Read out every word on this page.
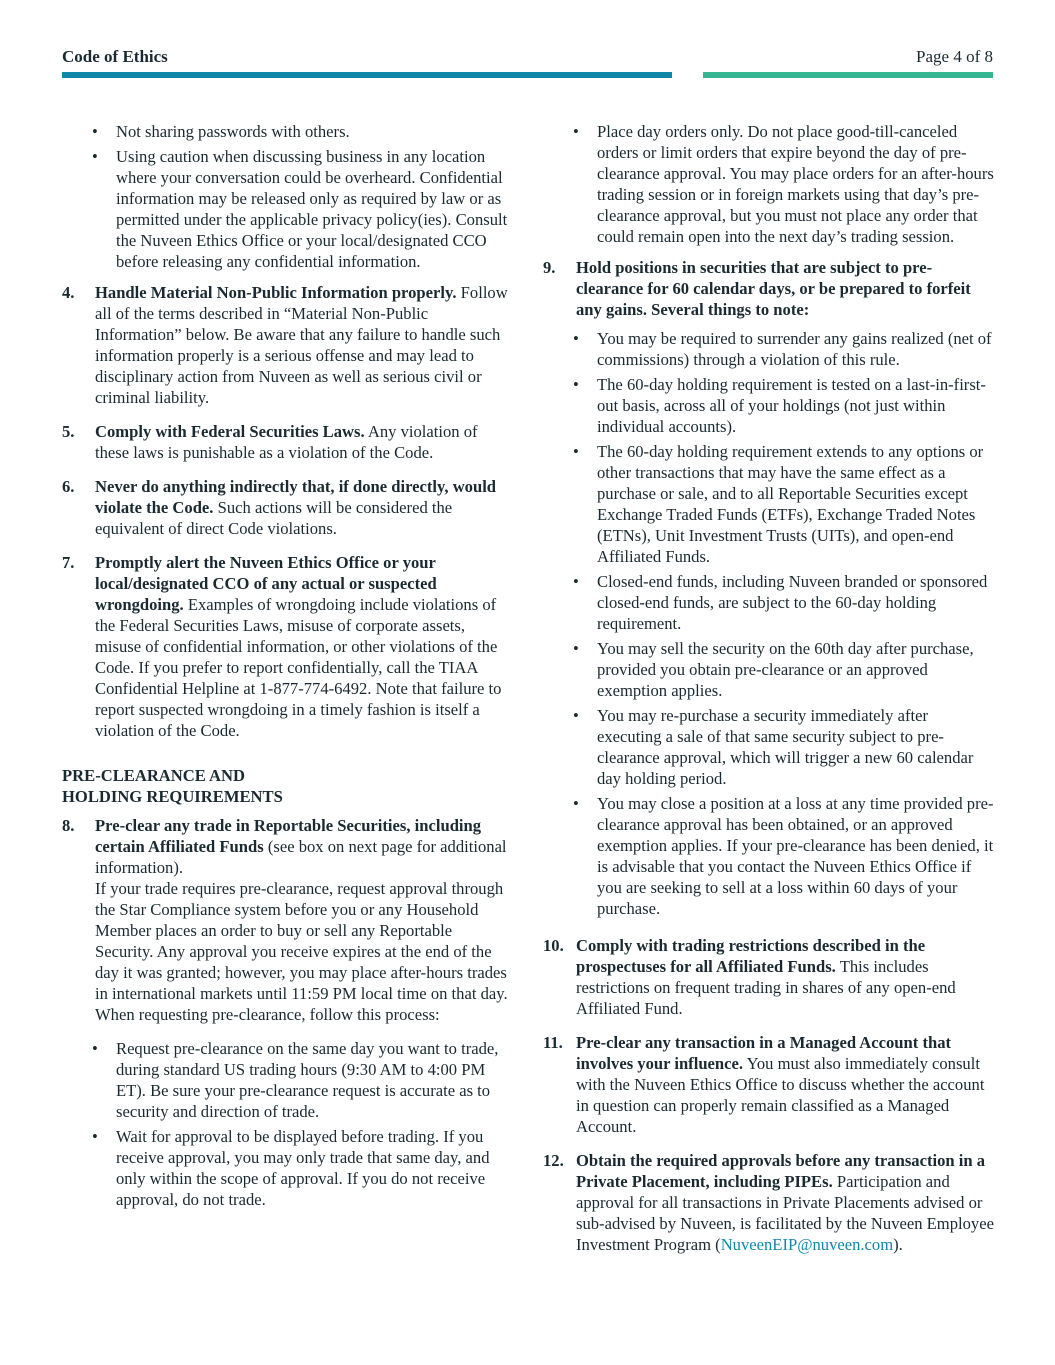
Code of Ethics	Page 4 of 8
• Not sharing passwords with others.
• Using caution when discussing business in any location where your conversation could be overheard. Confidential information may be released only as required by law or as permitted under the applicable privacy policy(ies). Consult the Nuveen Ethics Office or your local/designated CCO before releasing any confidential information.
4. Handle Material Non-Public Information properly. Follow all of the terms described in “Material Non-Public Information” below. Be aware that any failure to handle such information properly is a serious offense and may lead to disciplinary action from Nuveen as well as serious civil or criminal liability.
5. Comply with Federal Securities Laws. Any violation of these laws is punishable as a violation of the Code.
6. Never do anything indirectly that, if done directly, would violate the Code. Such actions will be considered the equivalent of direct Code violations.
7. Promptly alert the Nuveen Ethics Office or your local/designated CCO of any actual or suspected wrongdoing. Examples of wrongdoing include violations of the Federal Securities Laws, misuse of corporate assets, misuse of confidential information, or other violations of the Code. If you prefer to report confidentially, call the TIAA Confidential Helpline at 1-877-774-6492. Note that failure to report suspected wrongdoing in a timely fashion is itself a violation of the Code.
PRE-CLEARANCE AND
HOLDING REQUIREMENTS
8. Pre-clear any trade in Reportable Securities, including certain Affiliated Funds (see box on next page for additional information).
If your trade requires pre-clearance, request approval through the Star Compliance system before you or any Household Member places an order to buy or sell any Reportable Security. Any approval you receive expires at the end of the day it was granted; however, you may place after-hours trades in international markets until 11:59 PM local time on that day. When requesting pre-clearance, follow this process:
• Request pre-clearance on the same day you want to trade, during standard US trading hours (9:30 AM to 4:00 PM ET). Be sure your pre-clearance request is accurate as to security and direction of trade.
• Wait for approval to be displayed before trading. If you receive approval, you may only trade that same day, and only within the scope of approval. If you do not receive approval, do not trade.
• Place day orders only. Do not place good-till-canceled orders or limit orders that expire beyond the day of pre-clearance approval. You may place orders for an after-hours trading session or in foreign markets using that day’s pre-clearance approval, but you must not place any order that could remain open into the next day’s trading session.
9. Hold positions in securities that are subject to pre-clearance for 60 calendar days, or be prepared to forfeit any gains. Several things to note:
• You may be required to surrender any gains realized (net of commissions) through a violation of this rule.
• The 60-day holding requirement is tested on a last-in-first-out basis, across all of your holdings (not just within individual accounts).
• The 60-day holding requirement extends to any options or other transactions that may have the same effect as a purchase or sale, and to all Reportable Securities except Exchange Traded Funds (ETFs), Exchange Traded Notes (ETNs), Unit Investment Trusts (UITs), and open-end Affiliated Funds.
• Closed-end funds, including Nuveen branded or sponsored closed-end funds, are subject to the 60-day holding requirement.
• You may sell the security on the 60th day after purchase, provided you obtain pre-clearance or an approved exemption applies.
• You may re-purchase a security immediately after executing a sale of that same security subject to pre-clearance approval, which will trigger a new 60 calendar day holding period.
• You may close a position at a loss at any time provided pre-clearance approval has been obtained, or an approved exemption applies. If your pre-clearance has been denied, it is advisable that you contact the Nuveen Ethics Office if you are seeking to sell at a loss within 60 days of your purchase.
10. Comply with trading restrictions described in the prospectuses for all Affiliated Funds. This includes restrictions on frequent trading in shares of any open-end Affiliated Fund.
11. Pre-clear any transaction in a Managed Account that involves your influence. You must also immediately consult with the Nuveen Ethics Office to discuss whether the account in question can properly remain classified as a Managed Account.
12. Obtain the required approvals before any transaction in a Private Placement, including PIPEs. Participation and approval for all transactions in Private Placements advised or sub-advised by Nuveen, is facilitated by the Nuveen Employee Investment Program (NuveenEIP@nuveen.com).
